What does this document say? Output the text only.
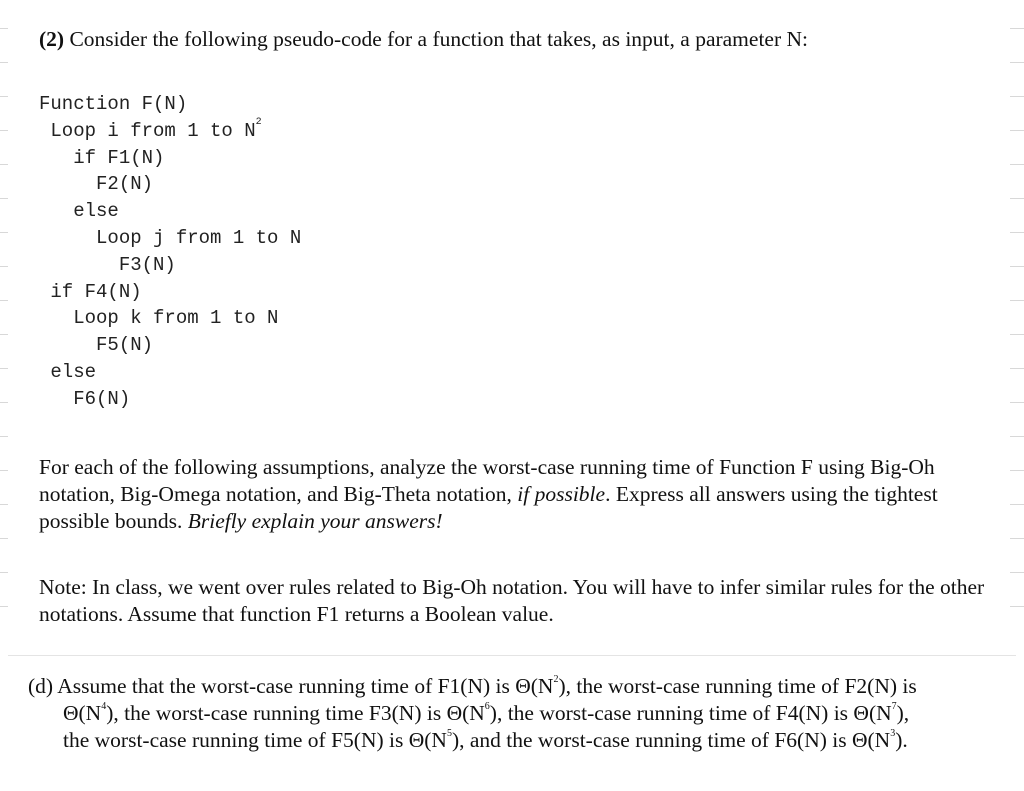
(2) Consider the following pseudo-code for a function that takes, as input, a parameter N:
Function F(N)
Loop i from 1 to $N^2$
if F1(N)
F2(N)
else
Loop j from 1 to N
F3(N)
if F4(N)
Loop k from 1 to N
F5(N)
else
F6(N)
For each of the following assumptions, analyze the worst-case running time of Function F using Big-Oh notation, Big-Omega notation, and Big-Theta notation, if possible. Express all answers using the tightest possible bounds. Briefly explain your answers!
Note: In class, we went over rules related to Big-Oh notation. You will have to infer similar rules for the other notations. Assume that function F1 returns a Boolean value.
(d) Assume that the worst-case running time of F1(N) is $\Theta(N^2)$, the worst-case running time of F2(N) is
$\Theta(N^4)$, the worst-case running time F3(N) is $\Theta(N^6)$, the worst-case running time of F4(N) is $\Theta(N^7)$,
the worst-case running time of F5(N) is $\Theta(N^5)$, and the worst-case running time of F6(N) is $\Theta(N^3)$.
